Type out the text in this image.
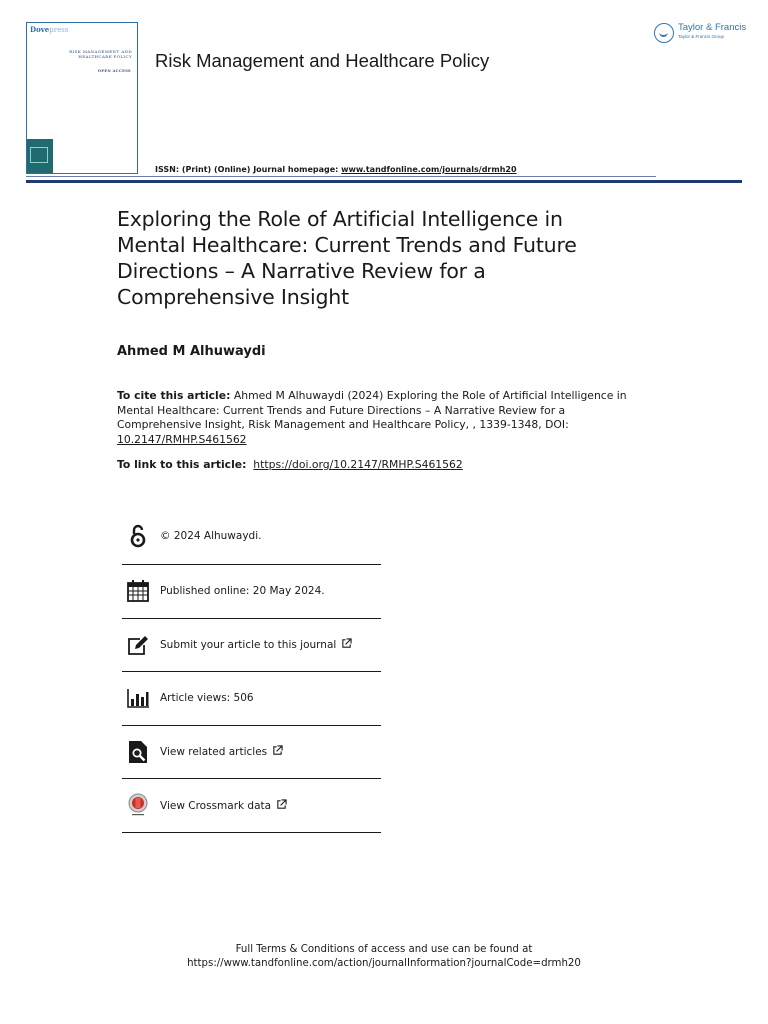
Dovepress
RISK MANAGEMENT AND HEALTHCARE POLICY
OPEN ACCESS Risk Management and Healthcare Policy
ISSN: (Print) (Online) Journal homepage: www.tandfonline.com/journals/drmh20
Taylor & Francis
Taylor & Francis Group
Exploring the Role of Artificial Intelligence in Mental Healthcare: Current Trends and Future Directions – A Narrative Review for a Comprehensive Insight
Ahmed M Alhuwaydi
To cite this article: Ahmed M Alhuwaydi (2024) Exploring the Role of Artificial Intelligence in Mental Healthcare: Current Trends and Future Directions – A Narrative Review for a Comprehensive Insight, Risk Management and Healthcare Policy, , 1339-1348, DOI: 10.2147/RMHP.S461562
To link to this article: https://doi.org/10.2147/RMHP.S461562
© 2024 Alhuwaydi.
Published online: 20 May 2024.
Submit your article to this journal
Article views: 506
View related articles
View Crossmark data
Full Terms & Conditions of access and use can be found at
https://www.tandfonline.com/action/journalInformation?journalCode=drmh20
